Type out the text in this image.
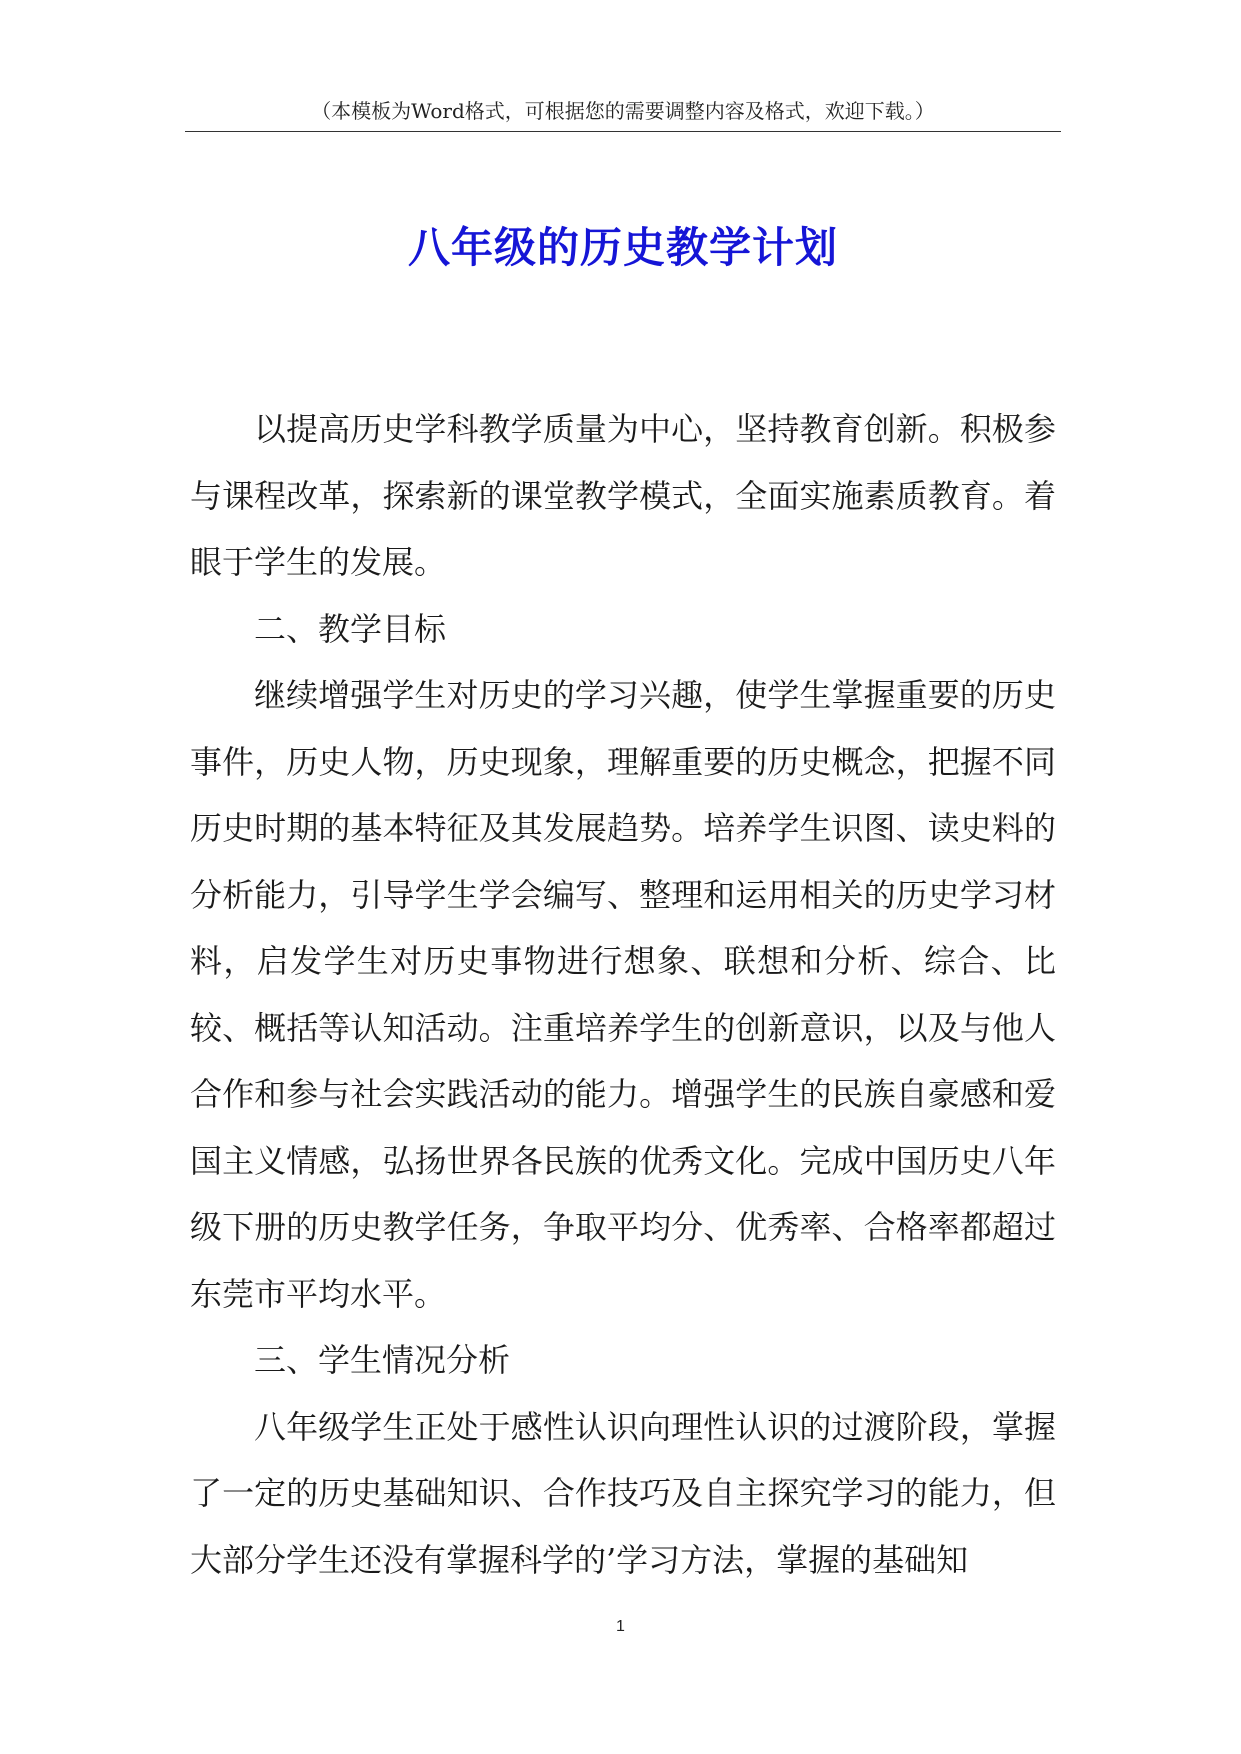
（本模板为Word格式，可根据您的需要调整内容及格式，欢迎下载。）
八年级的历史教学计划

以提高历史学科教学质量为中心，坚持教育创新。积极参与课程改革，探索新的课堂教学模式，全面实施素质教育。着眼于学生的发展。

二、教学目标

继续增强学生对历史的学习兴趣，使学生掌握重要的历史事件，历史人物，历史现象，理解重要的历史概念，把握不同历史时期的基本特征及其发展趋势。培养学生识图、读史料的分析能力，引导学生学会编写、整理和运用相关的历史学习材料，启发学生对历史事物进行想象、联想和分析、综合、比较、概括等认知活动。注重培养学生的创新意识，以及与他人合作和参与社会实践活动的能力。增强学生的民族自豪感和爱国主义情感，弘扬世界各民族的优秀文化。完成中国历史八年级下册的历史教学任务，争取平均分、优秀率、合格率都超过东莞市平均水平。

三、学生情况分析

八年级学生正处于感性认识向理性认识的过渡阶段，掌握了一定的历史基础知识、合作技巧及自主探究学习的能力，但大部分学生还没有掌握科学的’学习方法，掌握的基础知

1
